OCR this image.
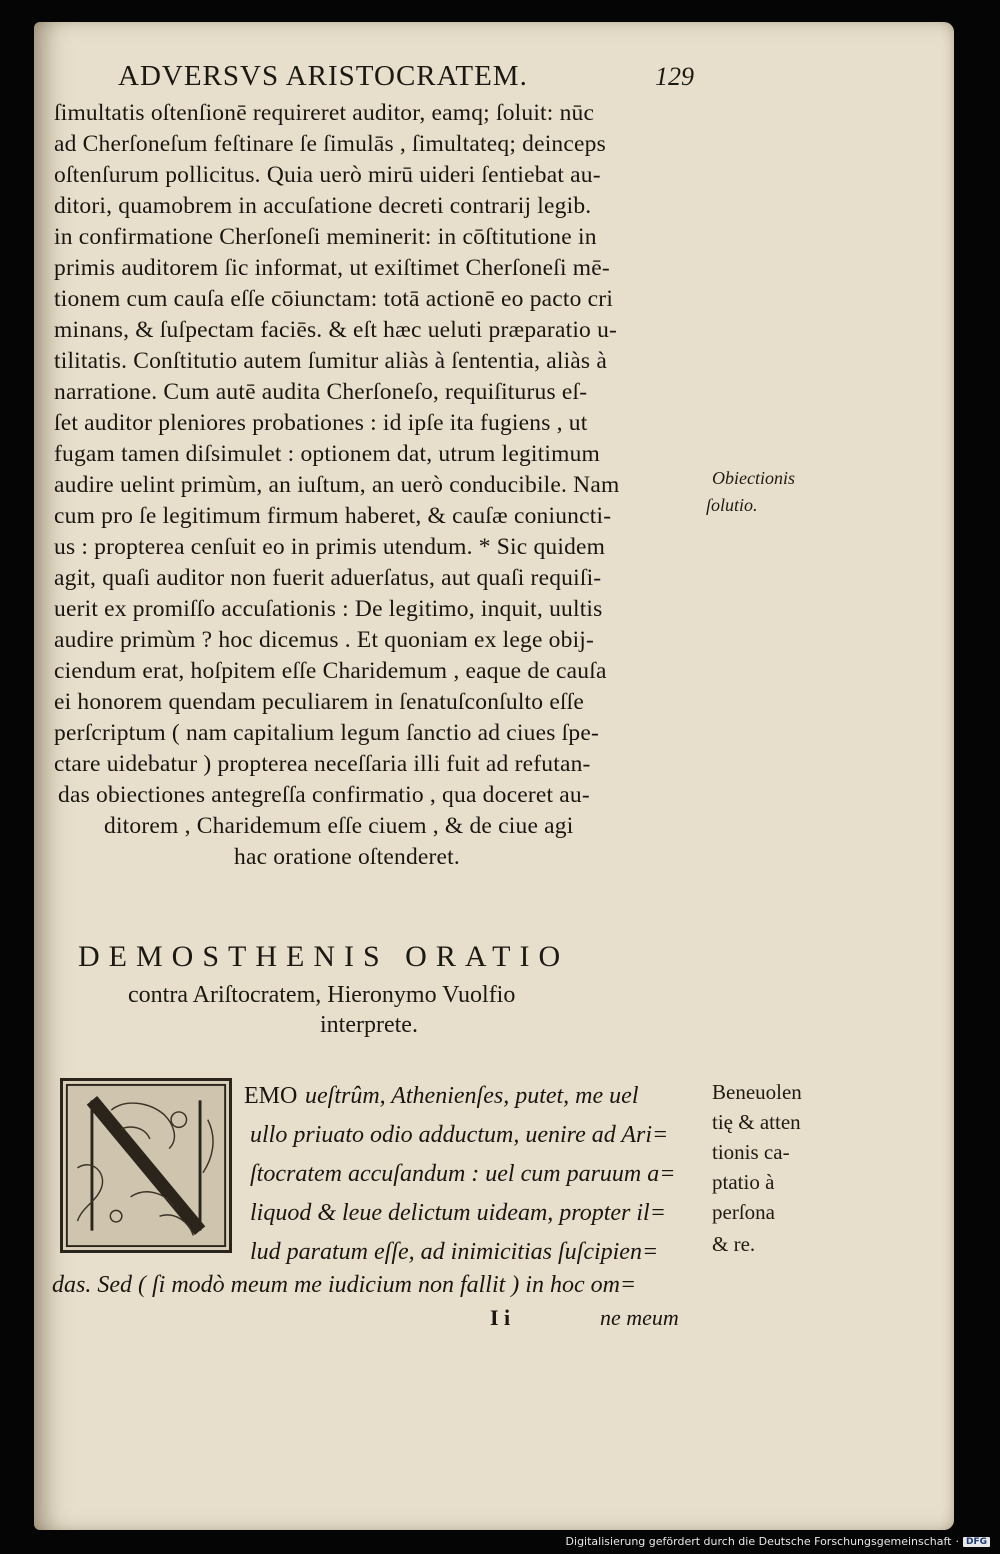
ADVERSVS ARISTOCRATEM.	129
ſimultatis oſtenſionē requireret auditor, eamq; ſoluit: nūc
ad Cherſoneſum feſtinare ſe ſimulās , ſimultateq; deinceps
oſtenſurum pollicitus. Quia uerò mirū uideri ſentiebat au-
ditori, quamobrem in accuſatione decreti contrarij legib.
in confirmatione Cherſoneſi meminerit: in cōſtitutione in
primis auditorem ſic informat, ut exiſtimet Cherſoneſi mē-
tionem cum cauſa eſſe cōiunctam: totā actionē eo pacto cri
minans, & ſuſpectam faciēs. & eſt hæc ueluti præparatio u-
tilitatis. Conſtitutio autem ſumitur aliàs à ſententia, aliàs à
narratione. Cum autē audita Cherſoneſo, requiſiturus eſ-
ſet auditor pleniores probationes : id ipſe ita fugiens , ut
fugam tamen diſsimulet : optionem dat, utrum legitimum
audire uelint primùm, an iuſtum, an uerò conducibile. Nam
cum pro ſe legitimum firmum haberet, & cauſæ coniuncti-
us : propterea cenſuit eo in primis utendum. * Sic quidem
agit, quaſi auditor non fuerit aduerſatus, aut quaſi requiſi-
uerit ex promiſſo accuſationis : De legitimo, inquit, uultis
audire primùm ? hoc dicemus . Et quoniam ex lege obij-
ciendum erat, hoſpitem eſſe Charidemum , eaque de cauſa
ei honorem quendam peculiarem in ſenatuſconſulto eſſe
perſcriptum ( nam capitalium legum ſanctio ad ciues ſpe-
ctare uidebatur ) propterea neceſſaria illi fuit ad refutan-
das obiectiones antegreſſa confirmatio , qua doceret au-
ditorem , Charidemum eſſe ciuem , & de ciue agi
hac oratione oſtenderet.
Obiectionis
ſolutio.
DEMOSTHENIS ORATIO
contra Ariſtocratem, Hieronymo Vuolfio
interprete.
EMO ueſtrûm, Athenienſes, putet, me uel
ullo priuato odio adductum, uenire ad Ari=
ſtocratem accuſandum : uel cum paruum a=
liquod & leue delictum uideam, propter il=
lud paratum eſſe, ad inimicitias ſuſcipien=
das. Sed ( ſi modò meum me iudicium non fallit ) in hoc om=
Beneuolen
tię & atten
tionis ca-
ptatio à
perſona
& re.
I i	ne meum
Digitalisierung gefördert durch die Deutsche Forschungsgemeinschaft · DFG
